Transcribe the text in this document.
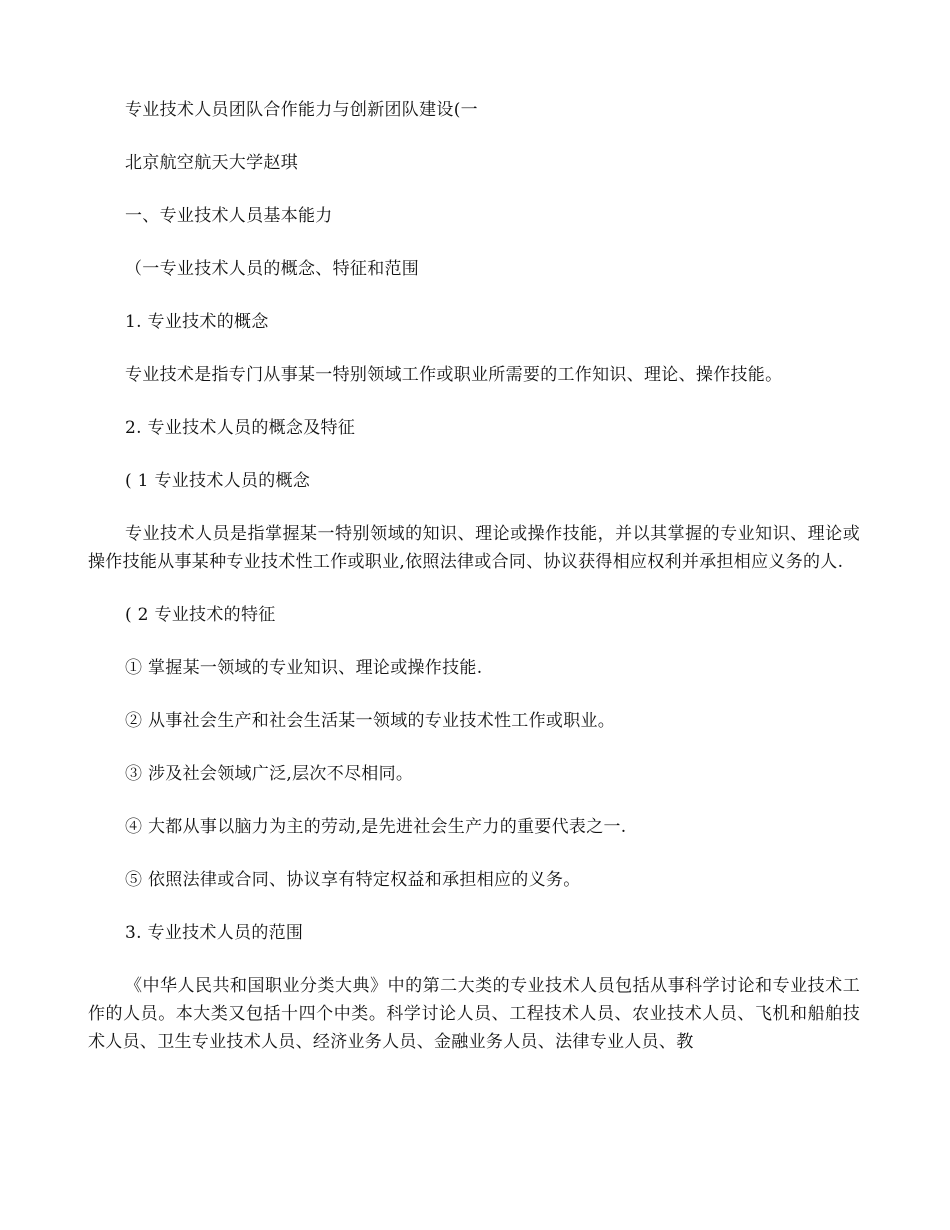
专业技术人员团队合作能力与创新团队建设(一

北京航空航天大学赵琪

一、专业技术人员基本能力

（一专业技术人员的概念、特征和范围

1. 专业技术的概念

专业技术是指专门从事某一特别领域工作或职业所需要的工作知识、理论、操作技能。

2. 专业技术人员的概念及特征

( 1 专业技术人员的概念

专业技术人员是指掌握某一特别领域的知识、理论或操作技能，并以其掌握的专业知识、理论或操作技能从事某种专业技术性工作或职业,依照法律或合同、协议获得相应权利并承担相应义务的人.

( 2 专业技术的特征

① 掌握某一领域的专业知识、理论或操作技能.

② 从事社会生产和社会生活某一领域的专业技术性工作或职业。

③ 涉及社会领域广泛,层次不尽相同。

④ 大都从事以脑力为主的劳动,是先进社会生产力的重要代表之一.

⑤ 依照法律或合同、协议享有特定权益和承担相应的义务。

3. 专业技术人员的范围

《中华人民共和国职业分类大典》中的第二大类的专业技术人员包括从事科学讨论和专业技术工作的人员。本大类又包括十四个中类。科学讨论人员、工程技术人员、农业技术人员、飞机和船舶技术人员、卫生专业技术人员、经济业务人员、金融业务人员、法律专业人员、教
